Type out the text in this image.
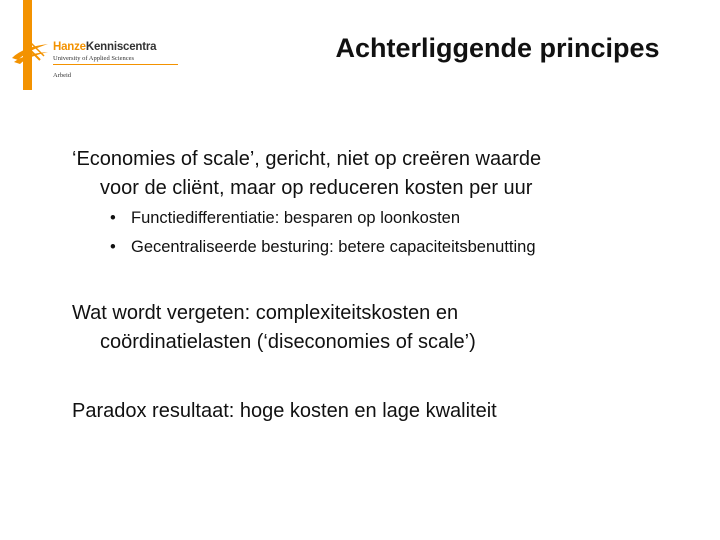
HanzeKenniscentra
University of Applied Sciences
Arbeid
Achterliggende principes
‘Economies of scale’, gericht, niet op creëren waarde
voor de cliënt, maar op reduceren kosten per uur
• Functiedifferentiatie: besparen op loonkosten
• Gecentraliseerde besturing: betere capaciteitsbenutting
Wat wordt vergeten: complexiteitskosten en
coördinatielasten (‘diseconomies of scale’)
Paradox resultaat: hoge kosten en lage kwaliteit
